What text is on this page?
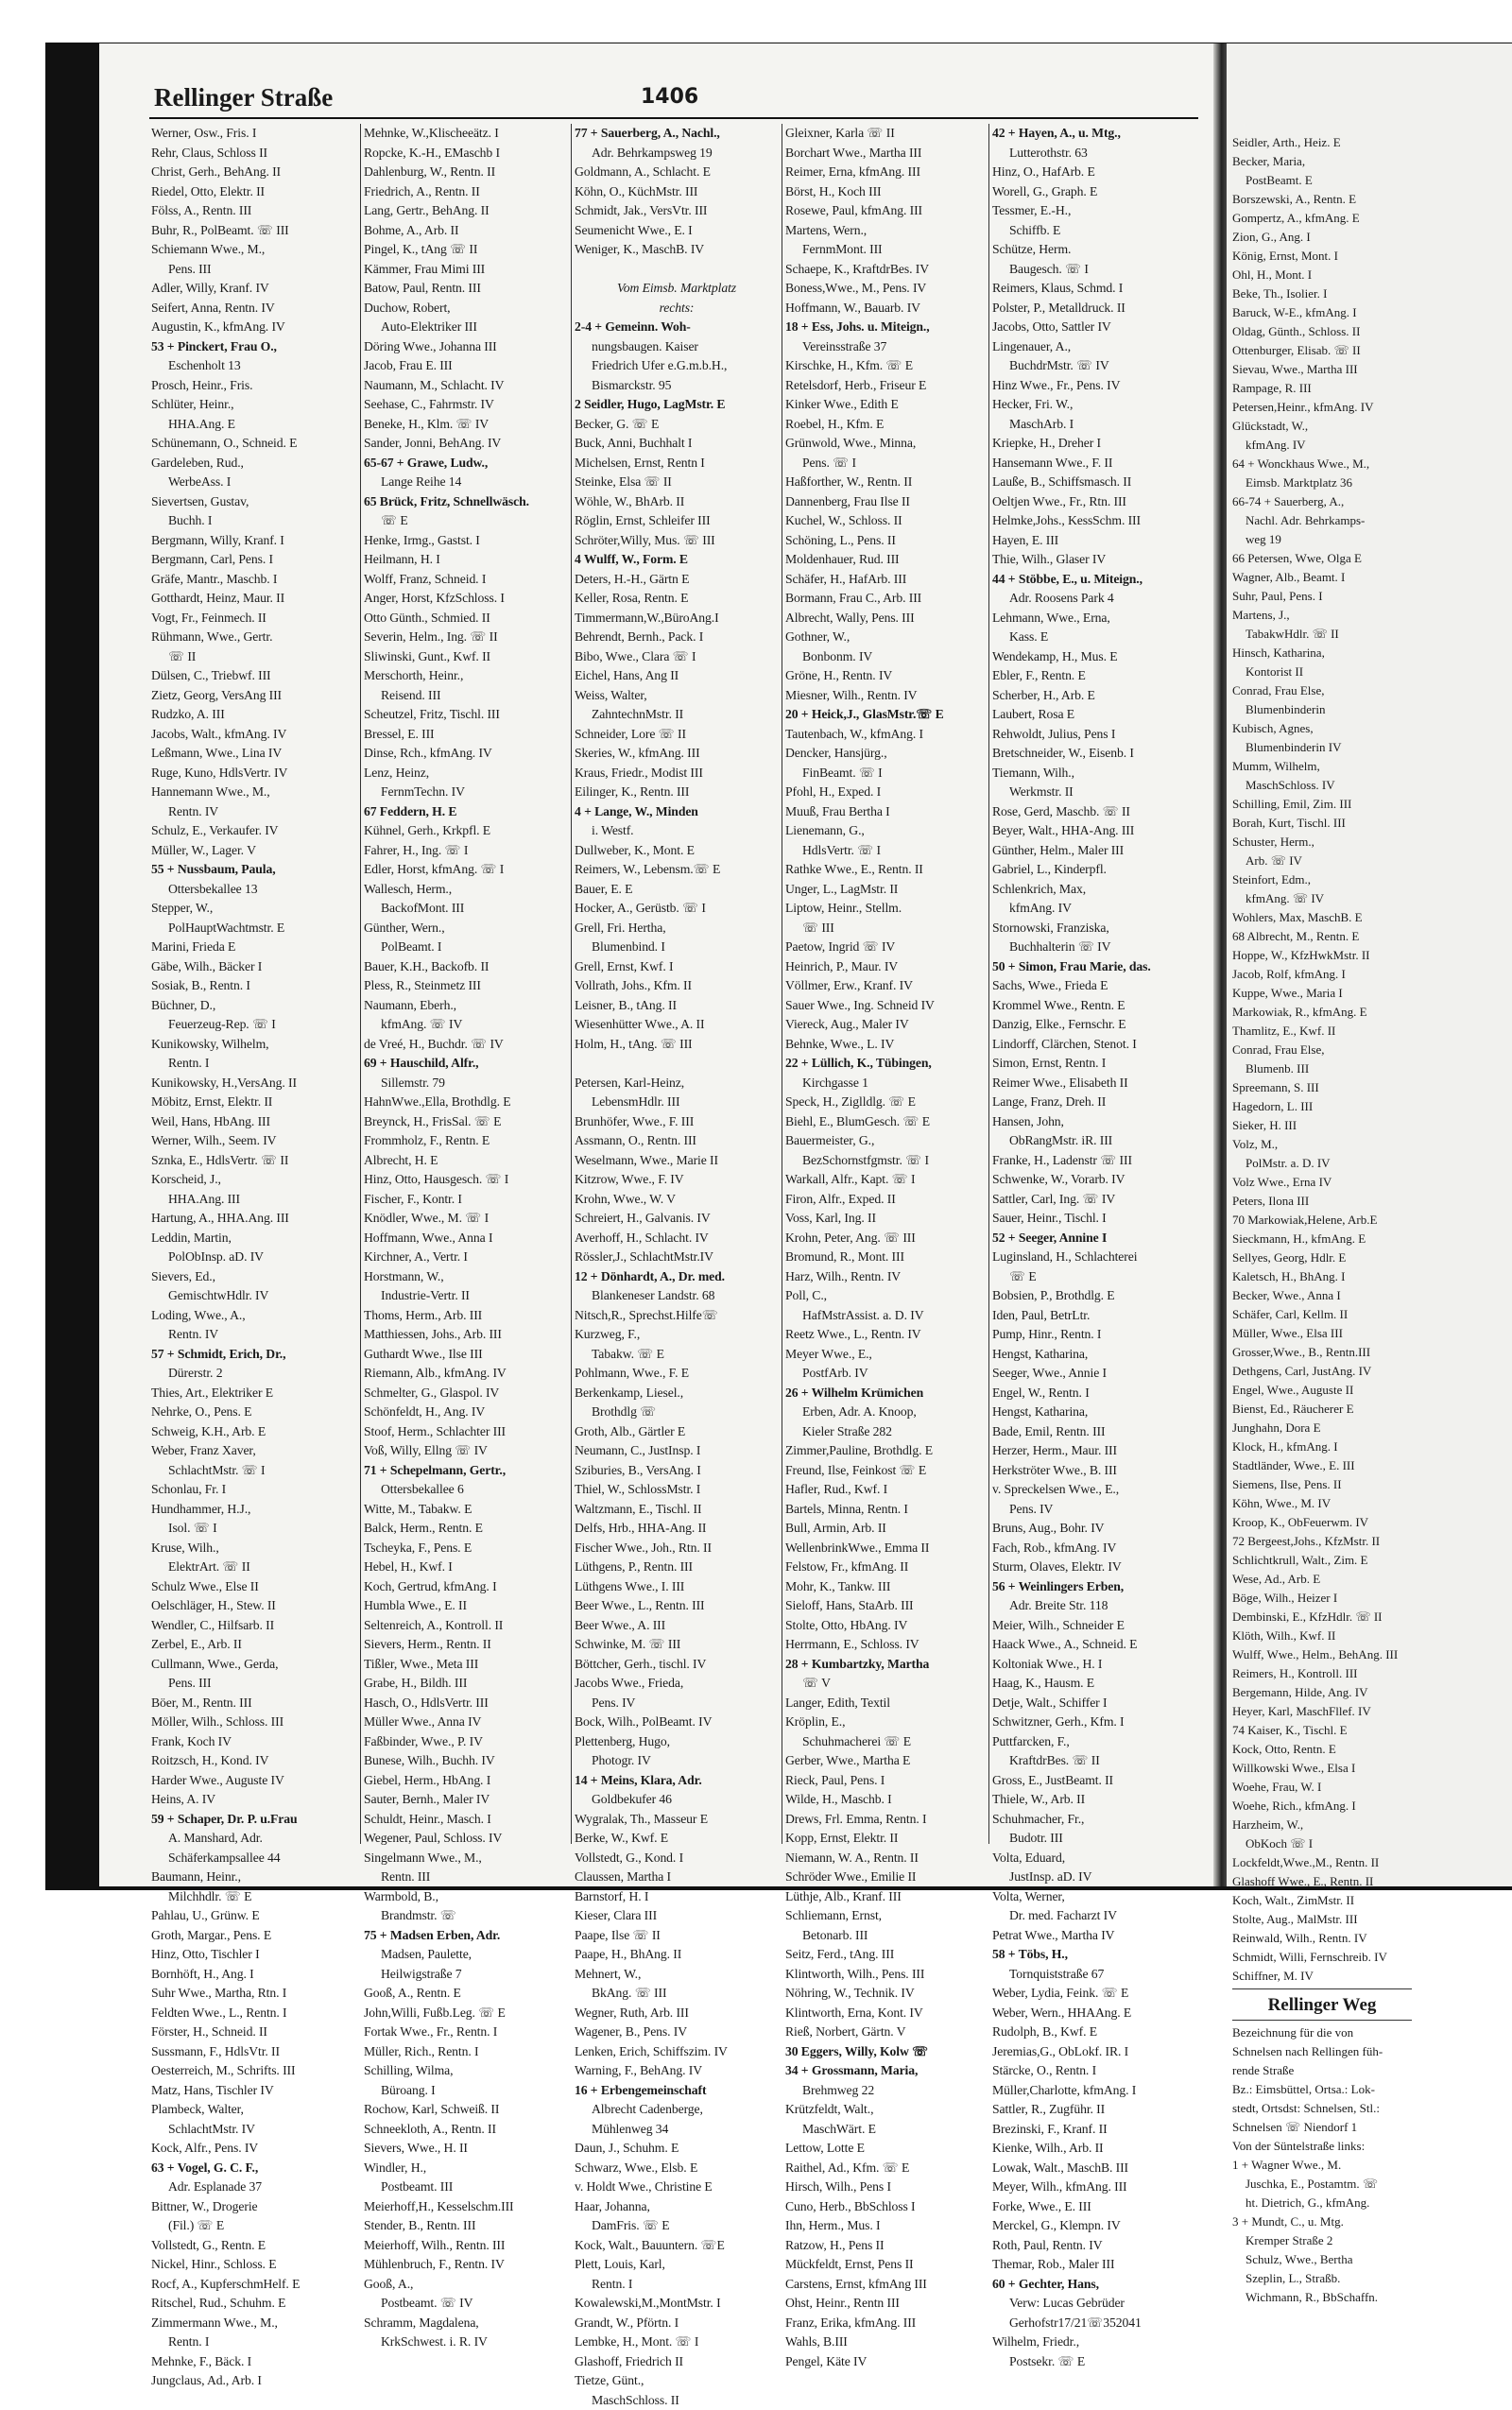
Seidler, Arth., Heiz. E
Becker, Maria,
PostBeamt. E
Borszewski, A., Rentn. E
Gompertz, A., kfmAng. E
Zion, G., Ang. I
König, Ernst, Mont. I
Ohl, H., Mont. I
Beke, Th., Isolier. I
Baruck, W-E., kfmAng. I
Oldag, Günth., Schloss. II
Ottenburger, Elisab. ☏ II
Sievau, Wwe., Martha III
Rampage, R. III
Petersen,Heinr., kfmAng. IV
Glückstadt, W.,
kfmAng. IV
64 + Wonckhaus Wwe., M.,
Eimsb. Marktplatz 36
66-74 + Sauerberg, A.,
Nachl. Adr. Behrkamps-
weg 19
66 Petersen, Wwe, Olga E
Wagner, Alb., Beamt. I
Suhr, Paul, Pens. I
Martens, J.,
TabakwHdlr. ☏ II
Hinsch, Katharina,
Kontorist II
Conrad, Frau Else,
Blumenbinderin
Kubisch, Agnes,
Blumenbinderin IV
Mumm, Wilhelm,
MaschSchloss. IV
Schilling, Emil, Zim. III
Borah, Kurt, Tischl. III
Schuster, Herm.,
Arb. ☏ IV
Steinfort, Edm.,
kfmAng. ☏ IV
Wohlers, Max, MaschB. E
68 Albrecht, M., Rentn. E
Hoppe, W., KfzHwkMstr. II
Jacob, Rolf, kfmAng. I
Kuppe, Wwe., Maria I
Markowiak, R., kfmAng. E
Thamlitz, E., Kwf. II
Conrad, Frau Else,
Blumenb. III
Spreemann, S. III
Hagedorn, L. III
Sieker, H. III
Volz, M.,
PolMstr. a. D. IV
Volz Wwe., Erna IV
Peters, Ilona III
70 Markowiak,Helene, Arb.E
Sieckmann, H., kfmAng. E
Sellyes, Georg, Hdlr. E
Kaletsch, H., BhAng. I
Becker, Wwe., Anna I
Schäfer, Carl, Kellm. II
Müller, Wwe., Elsa III
Grosser,Wwe., B., Rentn.III
Dethgens, Carl, JustAng. IV
Engel, Wwe., Auguste II
Bienst, Ed., Räucherer E
Junghahn, Dora E
Klock, H., kfmAng. I
Stadtländer, Wwe., E. III
Siemens, Ilse, Pens. II
Köhn, Wwe., M. IV
Kroop, K., ObFeuerwm. IV
72 Bergeest,Johs., KfzMstr. II
Schlichtkrull, Walt., Zim. E
Wese, Ad., Arb. E
Böge, Wilh., Heizer I
Dembinski, E., KfzHdlr. ☏ II
Klöth, Wilh., Kwf. II
Wulff, Wwe., Helm., BehAng. III
Reimers, H., Kontroll. III
Bergemann, Hilde, Ang. IV
Heyer, Karl, MaschFllef. IV
74 Kaiser, K., Tischl. E
Kock, Otto, Rentn. E
Willkowski Wwe., Elsa I
Woehe, Frau, W. I
Woehe, Rich., kfmAng. I
Harzheim, W.,
ObKoch ☏ I
Lockfeldt,Wwe.,M., Rentn. II
Glashoff Wwe., E., Rentn. II
Koch, Walt., ZimMstr. II
Stolte, Aug., MalMstr. III
Reinwald, Wilh., Rentn. IV
Schmidt, Willi, Fernschreib. IV
Schiffner, M. IV
Rellinger Weg
Bezeichnung für die von
Schnelsen nach Rellingen füh-
rende Straße
Bz.: Eimsbüttel, Ortsa.: Lok-
stedt, Ortsdst: Schnelsen, Stl.:
Schnelsen ☏ Niendorf 1
Von der Süntelstraße links:
1 + Wagner Wwe., M.
Juschka, E., Postamtm. ☏
ht. Dietrich, G., kfmAng.
3 + Mundt, C., u. Mtg.
Kremper Straße 2
Schulz, Wwe., Bertha
Szeplin, L., Straßb.
Wichmann, R., BbSchaffn.
Rellinger Straße	1406
Werner, Osw., Fris. I
Rehr, Claus, Schloss II
Christ, Gerh., BehAng. II
Riedel, Otto, Elektr. II
Fölss, A., Rentn. III
Buhr, R., PolBeamt. ☏ III
Schiemann Wwe., M.,
Pens. III
Adler, Willy, Kranf. IV
Seifert, Anna, Rentn. IV
Augustin, K., kfmAng. IV
53 + Pinckert, Frau O.,
Eschenholt 13
Prosch, Heinr., Fris.
Schlüter, Heinr.,
HHA.Ang. E
Schünemann, O., Schneid. E
Gardeleben, Rud.,
WerbeAss. I
Sievertsen, Gustav,
Buchh. I
Bergmann, Willy, Kranf. I
Bergmann, Carl, Pens. I
Gräfe, Mantr., Maschb. I
Gotthardt, Heinz, Maur. II
Vogt, Fr., Feinmech. II
Rühmann, Wwe., Gertr.
☏ II
Dülsen, C., Triebwf. III
Zietz, Georg, VersAng III
Rudzko, A. III
Jacobs, Walt., kfmAng. IV
Leßmann, Wwe., Lina IV
Ruge, Kuno, HdlsVertr. IV
Hannemann Wwe., M.,
Rentn. IV
Schulz, E., Verkaufer. IV
Müller, W., Lager. V
55 + Nussbaum, Paula,
Ottersbekallee 13
Stepper, W.,
PolHauptWachtmstr. E
Marini, Frieda E
Gäbe, Wilh., Bäcker I
Sosiak, B., Rentn. I
Büchner, D.,
Feuerzeug-Rep. ☏ I
Kunikowsky, Wilhelm,
Rentn. I
Kunikowsky, H.,VersAng. II
Möbitz, Ernst, Elektr. II
Weil, Hans, HbAng. III
Werner, Wilh., Seem. IV
Sznka, E., HdlsVertr. ☏ II
Korscheid, J.,
HHA.Ang. III
Hartung, A., HHA.Ang. III
Leddin, Martin,
PolObInsp. aD. IV
Sievers, Ed.,
GemischtwHdlr. IV
Loding, Wwe., A.,
Rentn. IV
57 + Schmidt, Erich, Dr.,
Dürerstr. 2
Thies, Art., Elektriker E
Nehrke, O., Pens. E
Schweig, K.H., Arb. E
Weber, Franz Xaver,
SchlachtMstr. ☏ I
Schonlau, Fr. I
Hundhammer, H.J.,
Isol. ☏ I
Kruse, Wilh.,
ElektrArt. ☏ II
Schulz Wwe., Else II
Oelschläger, H., Stew. II
Wendler, C., Hilfsarb. II
Zerbel, E., Arb. II
Cullmann, Wwe., Gerda,
Pens. III
Böer, M., Rentn. III
Möller, Wilh., Schloss. III
Frank, Koch IV
Roitzsch, H., Kond. IV
Harder Wwe., Auguste IV
Heins, A. IV
59 + Schaper, Dr. P. u.Frau
A. Manshard, Adr.
Schäferkampsallee 44
Baumann, Heinr.,
Milchhdlr. ☏ E
Pahlau, U., Grünw. E
Groth, Margar., Pens. E
Hinz, Otto, Tischler I
Bornhöft, H., Ang. I
Suhr Wwe., Martha, Rtn. I
Feldten Wwe., L., Rentn. I
Förster, H., Schneid. II
Sussmann, F., HdlsVtr. II
Oesterreich, M., Schrifts. III
Matz, Hans, Tischler IV
Plambeck, Walter,
SchlachtMstr. IV
Kock, Alfr., Pens. IV
63 + Vogel, G. C. F.,
Adr. Esplanade 37
Bittner, W., Drogerie
(Fil.) ☏ E
Vollstedt, G., Rentn. E
Nickel, Hinr., Schloss. E
Rocf, A., KupferschmHelf. E
Ritschel, Rud., Schuhm. E
Zimmermann Wwe., M.,
Rentn. I
Mehnke, F., Bäck. I
Jungclaus, Ad., Arb. I
Mehnke, W.,Klischeeätz. I
Ropcke, K.-H., EMaschb I
Dahlenburg, W., Rentn. II
Friedrich, A., Rentn. II
Lang, Gertr., BehAng. II
Bohme, A., Arb. II
Pingel, K., tAng ☏ II
Kämmer, Frau Mimi III
Batow, Paul, Rentn. III
Duchow, Robert,
Auto-Elektriker III
Döring Wwe., Johanna III
Jacob, Frau E. III
Naumann, M., Schlacht. IV
Seehase, C., Fahrmstr. IV
Beneke, H., Klm. ☏ IV
Sander, Jonni, BehAng. IV
65-67 + Grawe, Ludw.,
Lange Reihe 14
65 Brück, Fritz, Schnellwäsch.
☏ E
Henke, Irmg., Gastst. I
Heilmann, H. I
Wolff, Franz, Schneid. I
Anger, Horst, KfzSchloss. I
Otto Günth., Schmied. II
Severin, Helm., Ing. ☏ II
Sliwinski, Gunt., Kwf. II
Merschorth, Heinr.,
Reisend. III
Scheutzel, Fritz, Tischl. III
Bressel, E. III
Dinse, Rch., kfmAng. IV
Lenz, Heinz,
FernmTechn. IV
67 Feddern, H. E
Kühnel, Gerh., Krkpfl. E
Fahrer, H., Ing. ☏ I
Edler, Horst, kfmAng. ☏ I
Wallesch, Herm.,
BackofMont. III
Günther, Wern.,
PolBeamt. I
Bauer, K.H., Backofb. II
Pless, R., Steinmetz III
Naumann, Eberh.,
kfmAng. ☏ IV
de Vreé, H., Buchdr. ☏ IV
69 + Hauschild, Alfr.,
Sillemstr. 79
HahnWwe.,Ella, Brothdlg. E
Breynck, H., FrisSal. ☏ E
Frommholz, F., Rentn. E
Albrecht, H. E
Hinz, Otto, Hausgesch. ☏ I
Fischer, F., Kontr. I
Knödler, Wwe., M. ☏ I
Hoffmann, Wwe., Anna I
Kirchner, A., Vertr. I
Horstmann, W.,
Industrie-Vertr. II
Thoms, Herm., Arb. III
Matthiessen, Johs., Arb. III
Guthardt Wwe., Ilse III
Riemann, Alb., kfmAng. IV
Schmelter, G., Glaspol. IV
Schönfeldt, H., Ang. IV
Stoof, Herm., Schlachter III
Voß, Willy, Ellng ☏ IV
71 + Schepelmann, Gertr.,
Ottersbekallee 6
Witte, M., Tabakw. E
Balck, Herm., Rentn. E
Tscheyka, F., Pens. E
Hebel, H., Kwf. I
Koch, Gertrud, kfmAng. I
Humbla Wwe., E. II
Seltenreich, A., Kontroll. II
Sievers, Herm., Rentn. II
Tißler, Wwe., Meta III
Grabe, H., Bildh. III
Hasch, O., HdlsVertr. III
Müller Wwe., Anna IV
Faßbinder, Wwe., P. IV
Bunese, Wilh., Buchh. IV
Giebel, Herm., HbAng. I
Sauter, Bernh., Maler IV
Schuldt, Heinr., Masch. I
Wegener, Paul, Schloss. IV
Singelmann Wwe., M.,
Rentn. III
Warmbold, B.,
Brandmstr. ☏
75 + Madsen Erben, Adr.
Madsen, Paulette,
Heilwigstraße 7
Gooß, A., Rentn. E
John,Willi, Fußb.Leg. ☏ E
Fortak Wwe., Fr., Rentn. I
Müller, Rich., Rentn. I
Schilling, Wilma,
Büroang. I
Rochow, Karl, Schweiß. II
Schneekloth, A., Rentn. II
Sievers, Wwe., H. II
Windler, H.,
Postbeamt. III
Meierhoff,H., Kesselschm.III
Stender, B., Rentn. III
Meierhoff, Wilh., Rentn. III
Mühlenbruch, F., Rentn. IV
Gooß, A.,
Postbeamt. ☏ IV
Schramm, Magdalena,
KrkSchwest. i. R. IV
77 + Sauerberg, A., Nachl.,
Adr. Behrkampsweg 19
Goldmann, A., Schlacht. E
Köhn, O., KüchMstr. III
Schmidt, Jak., VersVtr. III
Seumenicht Wwe., E. I
Weniger, K., MaschB. IV

Vom Eimsb. Marktplatz
rechts:
2-4 + Gemeinn. Woh-
nungsbaugen. Kaiser
Friedrich Ufer e.G.m.b.H.,
Bismarckstr. 95
2 Seidler, Hugo, LagMstr. E
Becker, G. ☏ E
Buck, Anni, Buchhalt I
Michelsen, Ernst, Rentn I
Steinke, Elsa ☏ II
Wöhle, W., BhArb. II
Röglin, Ernst, Schleifer III
Schröter,Willy, Mus. ☏ III
4 Wulff, W., Form. E
Deters, H.-H., Gärtn E
Keller, Rosa, Rentn. E
Timmermann,W.,BüroAng.I
Behrendt, Bernh., Pack. I
Bibo, Wwe., Clara ☏ I
Eichel, Hans, Ang II
Weiss, Walter,
ZahntechnMstr. II
Schneider, Lore ☏ II
Skeries, W., kfmAng. III
Kraus, Friedr., Modist III
Eilinger, K., Rentn. III
4 + Lange, W., Minden
i. Westf.
Dullweber, K., Mont. E
Reimers, W., Lebensm.☏ E
Bauer, E. E
Hocker, A., Gerüstb. ☏ I
Grell, Fri. Hertha,
Blumenbind. I
Grell, Ernst, Kwf. I
Vollrath, Johs., Kfm. II
Leisner, B., tAng. II
Wiesenhütter Wwe., A. II
Holm, H., tAng. ☏ III

Petersen, Karl-Heinz,
LebensmHdlr. III
Brunhöfer, Wwe., F. III
Assmann, O., Rentn. III
Weselmann, Wwe., Marie II
Kitzrow, Wwe., F. IV
Krohn, Wwe., W. V
Schreiert, H., Galvanis. IV
Averhoff, H., Schlacht. IV
Rössler,J., SchlachtMstr.IV
12 + Dönhardt, A., Dr. med.
Blankeneser Landstr. 68
Nitsch,R., Sprechst.Hilfe☏
Kurzweg, F.,
Tabakw. ☏ E
Pohlmann, Wwe., F. E
Berkenkamp, Liesel.,
Brothdlg ☏
Groth, Alb., Gärtler E
Neumann, C., JustInsp. I
Sziburies, B., VersAng. I
Thiel, W., SchlossMstr. I
Waltzmann, E., Tischl. II
Delfs, Hrb., HHA-Ang. II
Fischer Wwe., Joh., Rtn. II
Lüthgens, P., Rentn. III
Lüthgens Wwe., I. III
Beer Wwe., L., Rentn. III
Beer Wwe., A. III
Schwinke, M. ☏ III
Böttcher, Gerh., tischl. IV
Jacobs Wwe., Frieda,
Pens. IV
Bock, Wilh., PolBeamt. IV
Plettenberg, Hugo,
Photogr. IV
14 + Meins, Klara, Adr.
Goldbekufer 46
Wygralak, Th., Masseur E
Berke, W., Kwf. E
Vollstedt, G., Kond. I
Claussen, Martha I
Barnstorf, H. I
Kieser, Clara III
Paape, Ilse ☏ II
Paape, H., BhAng. II
Mehnert, W.,
BkAng. ☏ III
Wegner, Ruth, Arb. III
Wagener, B., Pens. IV
Lenken, Erich, Schiffszim. IV
Warning, F., BehAng. IV
16 + Erbengemeinschaft
Albrecht Cadenberge,
Mühlenweg 34
Daun, J., Schuhm. E
Schwarz, Wwe., Elsb. E
v. Holdt Wwe., Christine E
Haar, Johanna,
DamFris. ☏ E
Kock, Walt., Bauuntern. ☏E
Plett, Louis, Karl,
Rentn. I
Kowalewski,M.,MontMstr. I
Grandt, W., Pförtn. I
Lembke, H., Mont. ☏ I
Glashoff, Friedrich II
Tietze, Günt.,
MaschSchloss. II
Gleixner, Karla ☏ II
Borchart Wwe., Martha III
Reimer, Erna, kfmAng. III
Börst, H., Koch III
Rosewe, Paul, kfmAng. III
Martens, Wern.,
FernmMont. III
Schaepe, K., KraftdrBes. IV
Boness,Wwe., M., Pens. IV
Hoffmann, W., Bauarb. IV
18 + Ess, Johs. u. Miteign.,
Vereinsstraße 37
Kirschke, H., Kfm. ☏ E
Retelsdorf, Herb., Friseur E
Kinker Wwe., Edith E
Roebel, H., Kfm. E
Grünwold, Wwe., Minna,
Pens. ☏ I
Haßforther, W., Rentn. II
Dannenberg, Frau Ilse II
Kuchel, W., Schloss. II
Schöning, L., Pens. II
Moldenhauer, Rud. III
Schäfer, H., HafArb. III
Bormann, Frau C., Arb. III
Albrecht, Wally, Pens. III
Gothner, W.,
Bonbonm. IV
Gröne, H., Rentn. IV
Miesner, Wilh., Rentn. IV
20 + Heick,J., GlasMstr.☏ E
Tautenbach, W., kfmAng. I
Dencker, Hansjürg.,
FinBeamt. ☏ I
Pfohl, H., Exped. I
Muuß, Frau Bertha I
Lienemann, G.,
HdlsVertr. ☏ I
Rathke Wwe., E., Rentn. II
Unger, L., LagMstr. II
Liptow, Heinr., Stellm.
☏ III
Paetow, Ingrid ☏ IV
Heinrich, P., Maur. IV
Völlmer, Erw., Kranf. IV
Sauer Wwe., Ing. Schneid IV
Viereck, Aug., Maler IV
Behnke, Wwe., L. IV
22 + Lüllich, K., Tübingen,
Kirchgasse 1
Speck, H., Ziglldlg. ☏ E
Biehl, E., BlumGesch. ☏ E
Bauermeister, G.,
BezSchornstfgmstr. ☏ I
Warkall, Alfr., Kapt. ☏ I
Firon, Alfr., Exped. II
Voss, Karl, Ing. II
Krohn, Peter, Ang. ☏ III
Bromund, R., Mont. III
Harz, Wilh., Rentn. IV
Poll, C.,
HafMstrAssist. a. D. IV
Reetz Wwe., L., Rentn. IV
Meyer Wwe., E.,
PostfArb. IV
26 + Wilhelm Krümichen
Erben, Adr. A. Knoop,
Kieler Straße 282
Zimmer,Pauline, Brothdlg. E
Freund, Ilse, Feinkost ☏ E
Hafler, Rud., Kwf. I
Bartels, Minna, Rentn. I
Bull, Armin, Arb. II
WellenbrinkWwe., Emma II
Felstow, Fr., kfmAng. II
Mohr, K., Tankw. III
Sieloff, Hans, StaArb. III
Stolte, Otto, HbAng. IV
Herrmann, E., Schloss. IV
28 + Kumbartzky, Martha
☏ V
Langer, Edith, Textil
Kröplin, E.,
Schuhmacherei ☏ E
Gerber, Wwe., Martha E
Rieck, Paul, Pens. I
Wilde, H., Maschb. I
Drews, Frl. Emma, Rentn. I
Kopp, Ernst, Elektr. II
Niemann, W. A., Rentn. II
Schröder Wwe., Emilie II
Lüthje, Alb., Kranf. III
Schliemann, Ernst,
Betonarb. III
Seitz, Ferd., tAng. III
Klintworth, Wilh., Pens. III
Nöhring, W., Technik. IV
Klintworth, Erna, Kont. IV
Rieß, Norbert, Gärtn. V
30 Eggers, Willy, Kolw ☏
34 + Grossmann, Maria,
Brehmweg 22
Krützfeldt, Walt.,
MaschWärt. E
Lettow, Lotte E
Raithel, Ad., Kfm. ☏ E
Hirsch, Wilh., Pens I
Cuno, Herb., BbSchloss I
Ihn, Herm., Mus. I
Ratzow, H., Pens II
Mückfeldt, Ernst, Pens II
Carstens, Ernst, kfmAng III
Ohst, Heinr., Rentn III
Franz, Erika, kfmAng. III
Wahls, B.III
Pengel, Käte IV
42 + Hayen, A., u. Mtg.,
Lutterothstr. 63
Hinz, O., HafArb. E
Worell, G., Graph. E
Tessmer, E.-H.,
Schiffb. E
Schütze, Herm.
Baugesch. ☏ I
Reimers, Klaus, Schmd. I
Polster, P., Metalldruck. II
Jacobs, Otto, Sattler IV
Lingenauer, A.,
BuchdrMstr. ☏ IV
Hinz Wwe., Fr., Pens. IV
Hecker, Fri. W.,
MaschArb. I
Kriepke, H., Dreher I
Hansemann Wwe., F. II
Lauße, B., Schiffsmasch. II
Oeltjen Wwe., Fr., Rtn. III
Helmke,Johs., KessSchm. III
Hayen, E. III
Thie, Wilh., Glaser IV
44 + Stöbbe, E., u. Miteign.,
Adr. Roosens Park 4
Lehmann, Wwe., Erna,
Kass. E
Wendekamp, H., Mus. E
Ebler, F., Rentn. E
Scherber, H., Arb. E
Laubert, Rosa E
Rehwoldt, Julius, Pens I
Bretschneider, W., Eisenb. I
Tiemann, Wilh.,
Werkmstr. II
Rose, Gerd, Maschb. ☏ II
Beyer, Walt., HHA-Ang. III
Günther, Helm., Maler III
Gabriel, L., Kinderpfl.
Schlenkrich, Max,
kfmAng. IV
Stornowski, Franziska,
Buchhalterin ☏ IV
50 + Simon, Frau Marie, das.
Sachs, Wwe., Frieda E
Krommel Wwe., Rentn. E
Danzig, Elke., Fernschr. E
Lindorff, Clärchen, Stenot. I
Simon, Ernst, Rentn. I
Reimer Wwe., Elisabeth II
Lange, Franz, Dreh. II
Hansen, John,
ObRangMstr. iR. III
Franke, H., Ladenstr ☏ III
Schwenke, W., Vorarb. IV
Sattler, Carl, Ing. ☏ IV
Sauer, Heinr., Tischl. I
52 + Seeger, Annine I
Luginsland, H., Schlachterei
☏ E
Bobsien, P., Brothdlg. E
Iden, Paul, BetrLtr.
Pump, Hinr., Rentn. I
Hengst, Katharina,
Seeger, Wwe., Annie I
Engel, W., Rentn. I
Hengst, Katharina,
Bade, Emil, Rentn. III
Herzer, Herm., Maur. III
Herkströter Wwe., B. III
v. Spreckelsen Wwe., E.,
Pens. IV
Bruns, Aug., Bohr. IV
Fach, Rob., kfmAng. IV
Sturm, Olaves, Elektr. IV
56 + Weinlingers Erben,
Adr. Breite Str. 118
Meier, Wilh., Schneider E
Haack Wwe., A., Schneid. E
Koltoniak Wwe., H. I
Haag, K., Hausm. E
Detje, Walt., Schiffer I
Schwitzner, Gerh., Kfm. I
Puttfarcken, F.,
KraftdrBes. ☏ II
Gross, E., JustBeamt. II
Thiele, W., Arb. II
Schuhmacher, Fr.,
Budotr. III
Volta, Eduard,
JustInsp. aD. IV
Volta, Werner,
Dr. med. Facharzt IV
Petrat Wwe., Martha IV
58 + Töbs, H.,
Tornquiststraße 67
Weber, Lydia, Feink. ☏ E
Weber, Wern., HHAAng. E
Rudolph, B., Kwf. E
Jeremias,G., ObLokf. IR. I
Stärcke, O., Rentn. I
Müller,Charlotte, kfmAng. I
Sattler, R., Zugführ. II
Brezinski, F., Kranf. II
Kienke, Wilh., Arb. II
Lowak, Walt., MaschB. III
Meyer, Wilh., kfmAng. III
Forke, Wwe., E. III
Merckel, G., Klempn. IV
Roth, Paul, Rentn. IV
Themar, Rob., Maler III
60 + Gechter, Hans,
Verw: Lucas Gebrüder
Gerhofstr17/21☏352041
Wilhelm, Friedr.,
Postsekr. ☏ E
